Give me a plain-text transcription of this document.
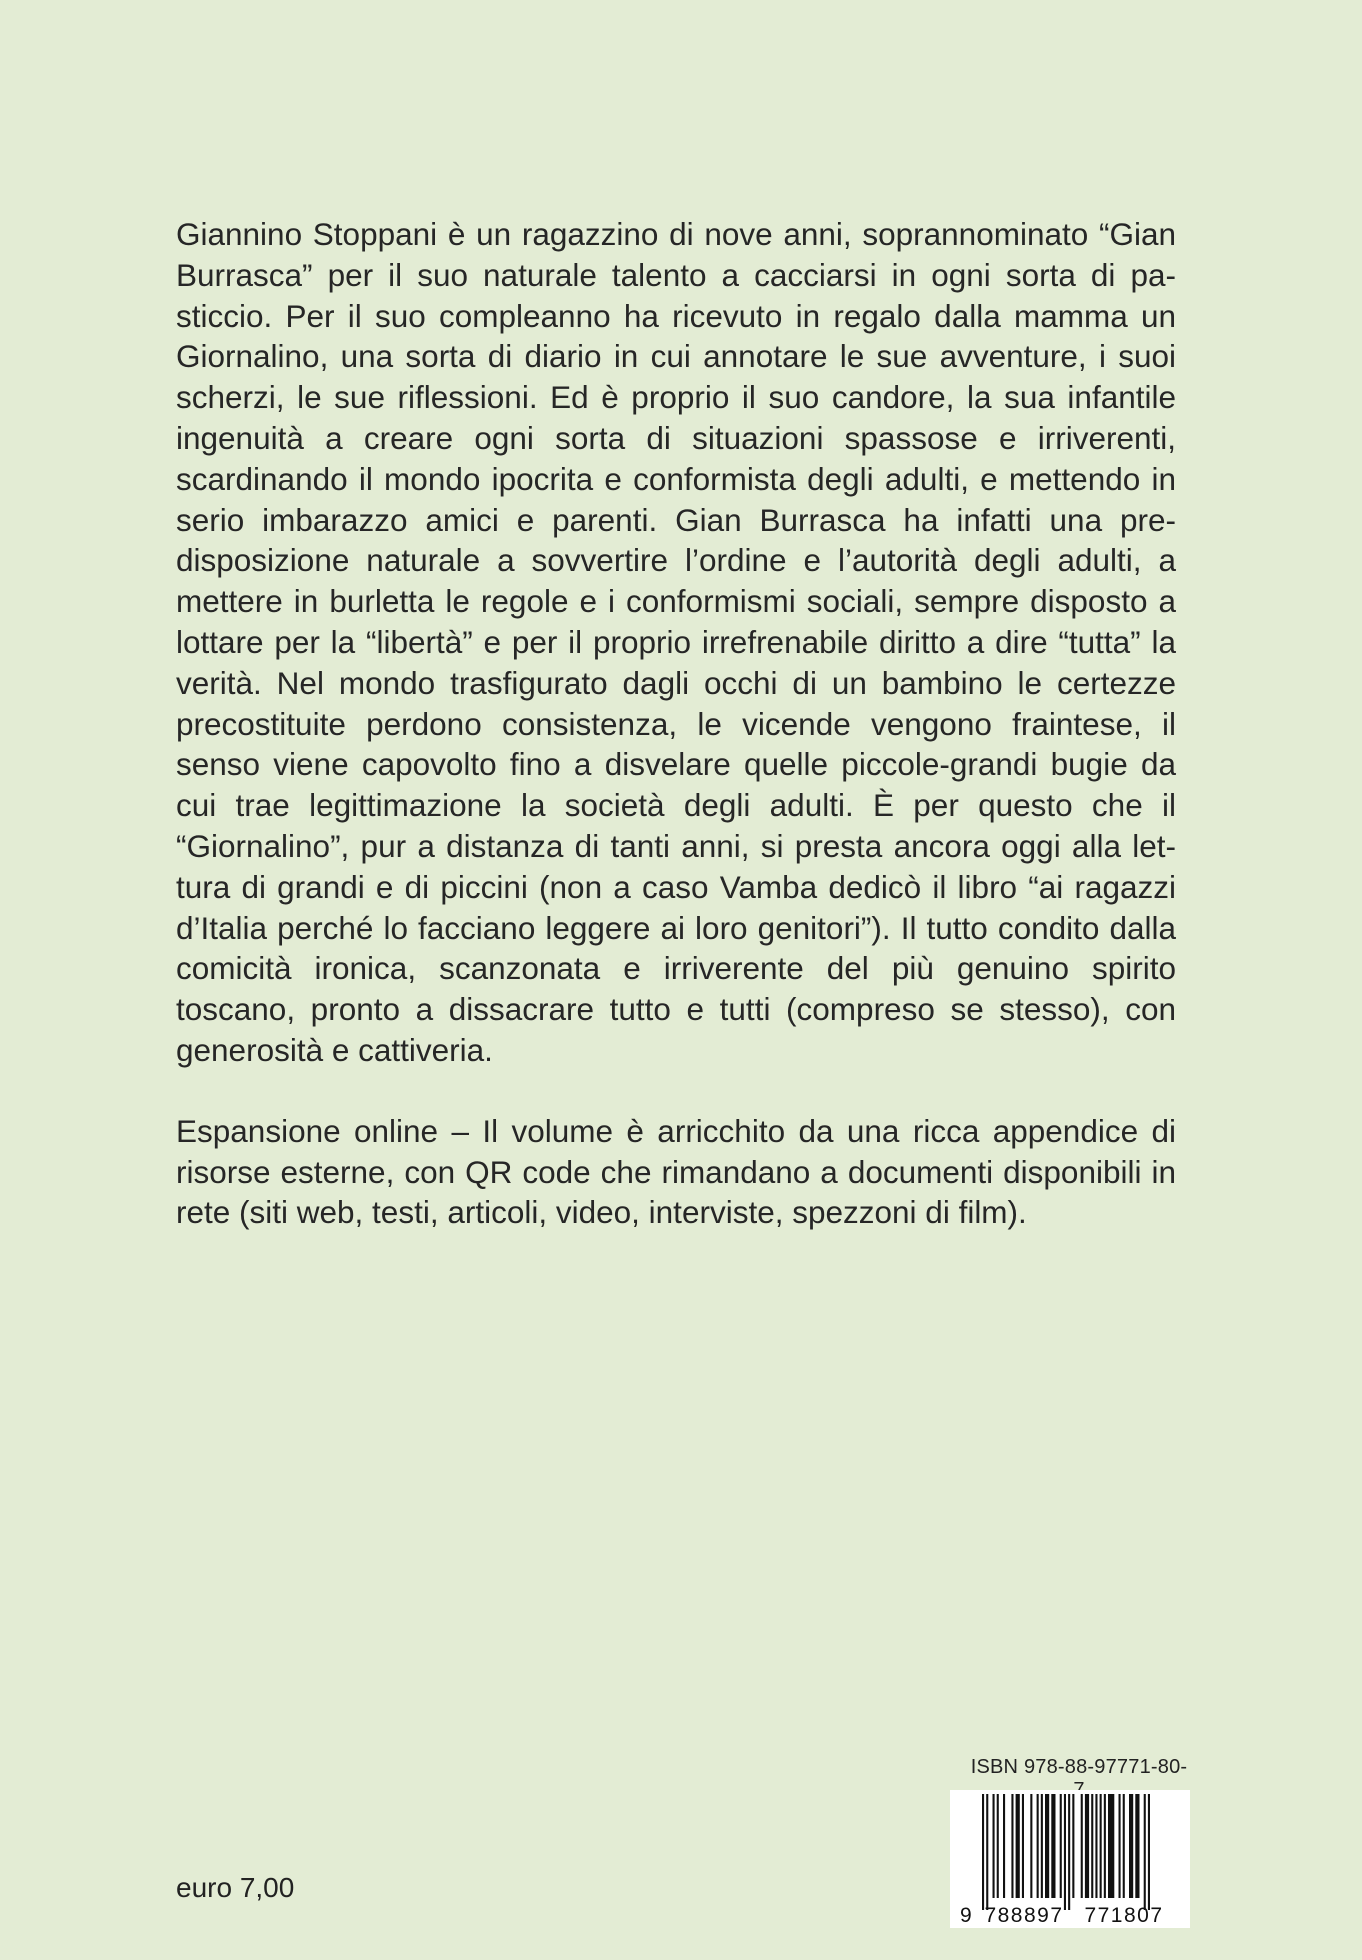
Giannino Stoppani è un ragazzino di nove anni, soprannominato “Gian Burrasca” per il suo naturale talento a cacciarsi in ogni sorta di pasticcio. Per il suo compleanno ha ricevuto in regalo dalla mamma un Giornalino, una sorta di diario in cui annotare le sue avventure, i suoi scherzi, le sue riflessioni. Ed è proprio il suo candore, la sua infantile ingenuità a creare ogni sorta di situazioni spassose e irriverenti, scardinando il mondo ipocrita e conformista degli adulti, e mettendo in serio imbarazzo amici e parenti. Gian Burrasca ha infatti una predisposizione naturale a sovvertire l’ordine e l’autorità degli adulti, a mettere in burletta le regole e i conformismi sociali, sempre disposto a lottare per la “libertà” e per il proprio irrefrenabile diritto a dire “tutta” la verità. Nel mondo trasfigurato dagli occhi di un bambino le certezze precostituite perdono consistenza, le vicende vengono fraintese, il senso viene capovolto fino a disvelare quelle piccole-grandi bugie da cui trae legittimazione la società degli adulti. È per questo che il “Giornalino”, pur a distanza di tanti anni, si presta ancora oggi alla lettura di grandi e di piccini (non a caso Vamba dedicò il libro “ai ragazzi d’Italia perché lo facciano leggere ai loro genitori”). Il tutto condito dalla comicità ironica, scanzonata e irriverente del più genuino spirito toscano, pronto a dissacrare tutto e tutti (compreso se stesso), con generosità e cattiveria.

Espansione online – Il volume è arricchito da una ricca appendice di risorse esterne, con QR code che rimandano a documenti disponibili in rete (siti web, testi, articoli, video, interviste, spezzoni di film).

euro 7,00
ISBN 978-88-97771-80-
9 788897 771807
